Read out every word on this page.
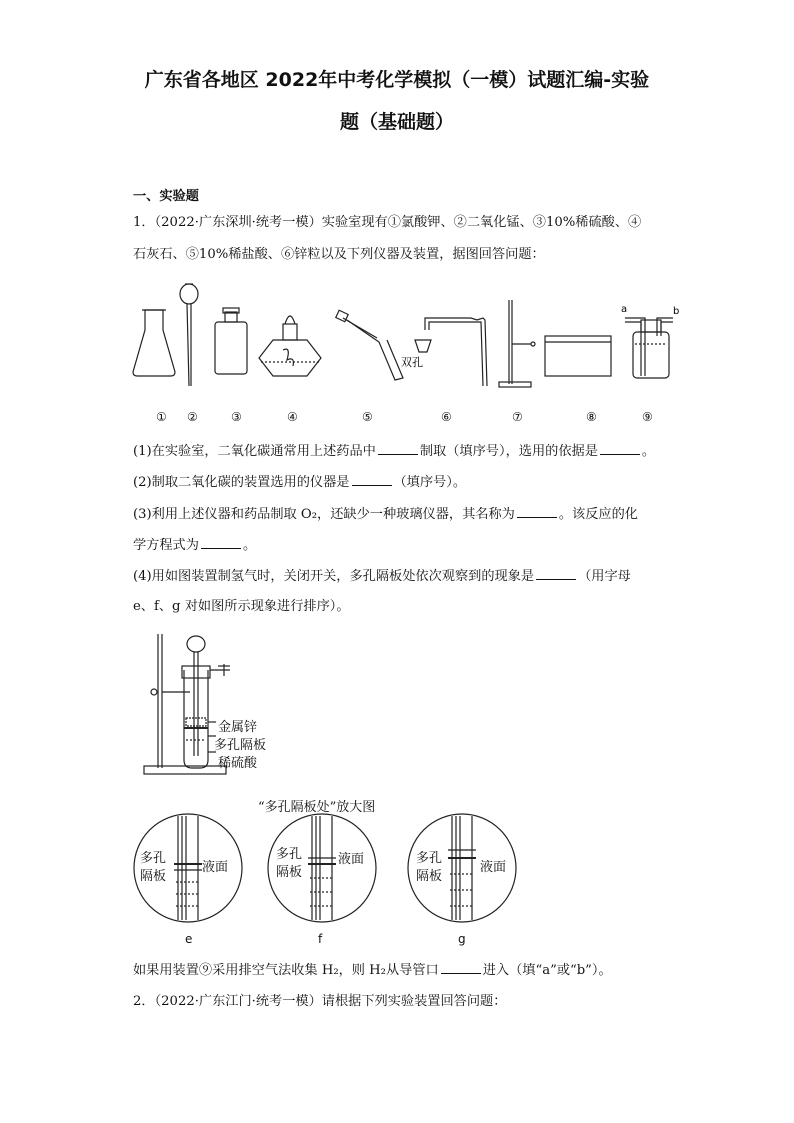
广东省各地区 2022年中考化学模拟（一模）试题汇编-实验
题（基础题）
一、实验题
1．（2022·广东深圳·统考一模）实验室现有①氯酸钾、②二氧化锰、③10%稀硫酸、④
石灰石、⑤10%稀盐酸、⑥锌粒以及下列仪器及装置，据图回答问题：
双孔
a	b
① ②	③	④	⑤	⑥	⑦	⑧	⑨
(1)在实验室，二氧化碳通常用上述药品中	制取（填序号），选用的依据是	。
(2)制取二氧化碳的装置选用的仪器是	（填序号）。
(3)利用上述仪器和药品制取 O₂，还缺少一种玻璃仪器，其名称为	。该反应的化
学方程式为	。
(4)用如图装置制氢气时，关闭开关，多孔隔板处依次观察到的现象是	（用字母
e、f、g 对如图所示现象进行排序）。
金属锌
多孔隔板
稀硫酸
“多孔隔板处”放大图
多孔
隔板
液面
多孔
隔板
液面	多孔
隔板
液面
e	f	g
如果用装置⑨采用排空气法收集 H₂，则 H₂从导管口	进入（填“a”或“b”）。
2．（2022·广东江门·统考一模）请根据下列实验装置回答问题：
